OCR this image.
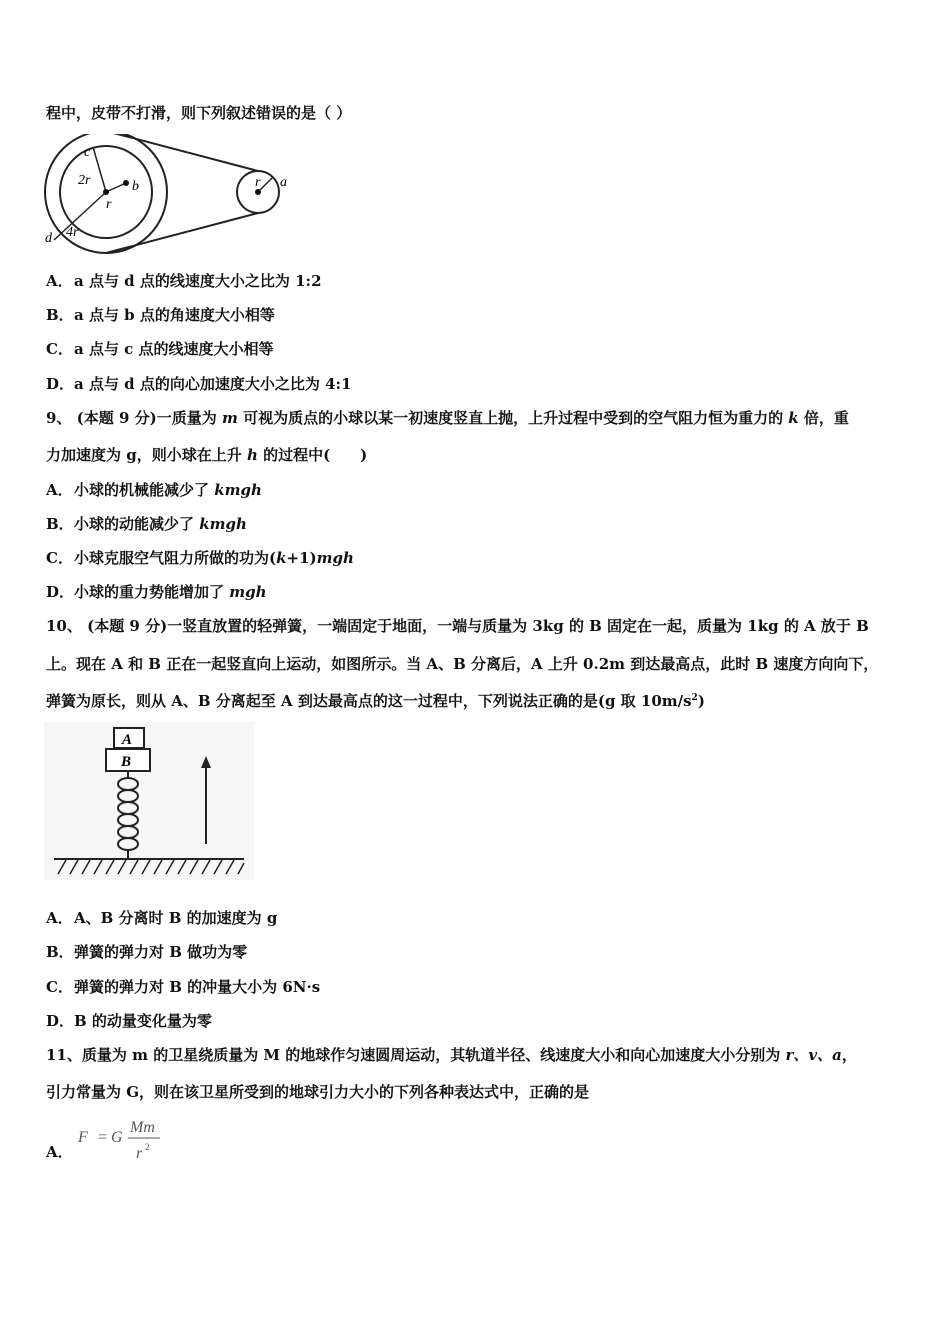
程中，皮带不打滑，则下列叙述错误的是（ ）
c
2r	b
r
d 4r
r a
A．a 点与 d 点的线速度大小之比为 1:2
B．a 点与 b 点的角速度大小相等
C．a 点与 c 点的线速度大小相等
D．a 点与 d 点的向心加速度大小之比为 4:1
9、 (本题 9 分)一质量为 m 可视为质点的小球以某一初速度竖直上抛，上升过程中受到的空气阻力恒为重力的 k 倍，重
力加速度为 g，则小球在上升 h 的过程中(　　)
A．小球的机械能减少了 kmgh
B．小球的动能减少了 kmgh
C．小球克服空气阻力所做的功为(k+1)mgh
D．小球的重力势能增加了 mgh
10、 (本题 9 分)一竖直放置的轻弹簧，一端固定于地面，一端与质量为 3kg 的 B 固定在一起，质量为 1kg 的 A 放于 B
上。现在 A 和 B 正在一起竖直向上运动，如图所示。当 A、B 分离后，A 上升 0.2m 到达最高点，此时 B 速度方向向下，
弹簧为原长，则从 A、B 分离起至 A 到达最高点的这一过程中，下列说法正确的是(g 取 $10m/s^2$)
A
B
A．A、B 分离时 B 的加速度为 g
B．弹簧的弹力对 B 做功为零
C．弹簧的弹力对 B 的冲量大小为 6N·s
D．B 的动量变化量为零
11、质量为 m 的卫星绕质量为 M 的地球作匀速圆周运动，其轨道半径、线速度大小和向心加速度大小分别为 r、v、a，
引力常量为 G，则在该卫星所受到的地球引力大小的下列各种表达式中，正确的是
A．
F = G
Mm
r 2
